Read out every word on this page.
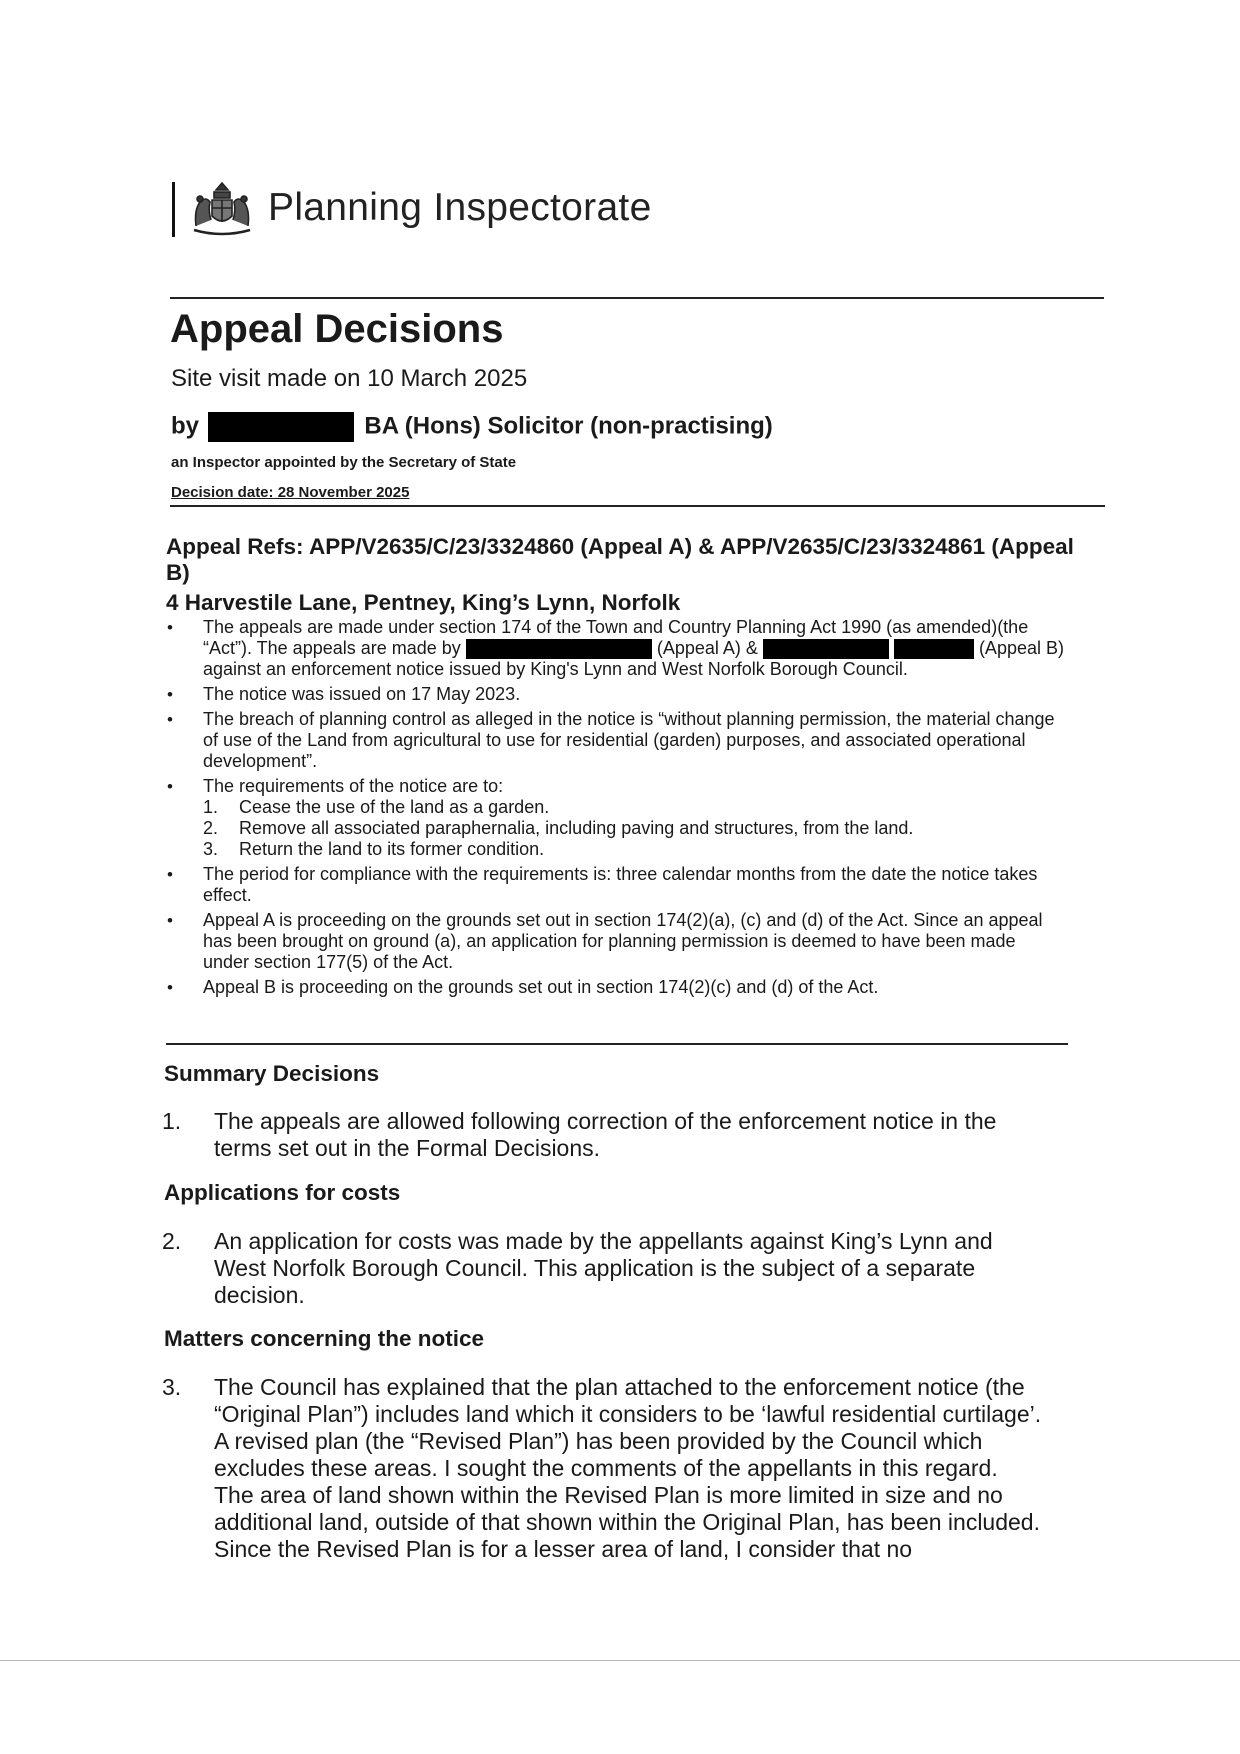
Planning Inspectorate
Appeal Decisions
Site visit made on 10 March 2025
by	BA (Hons) Solicitor (non-practising)
an Inspector appointed by the Secretary of State
Decision date: 28 November 2025
Appeal Refs: APP/V2635/C/23/3324860 (Appeal A) & APP/V2635/C/23/3324861 (Appeal B)
4 Harvestile Lane, Pentney, King’s Lynn, Norfolk
• The appeals are made under section 174 of the Town and Country Planning Act 1990 (as amended)(the “Act”). The appeals are made by	(Appeal A) &	(Appeal B) against an enforcement notice issued by King's Lynn and West Norfolk Borough Council.
• The notice was issued on 17 May 2023.
• The breach of planning control as alleged in the notice is “without planning permission, the material change of use of the Land from agricultural to use for residential (garden) purposes, and associated operational development”.
• The requirements of the notice are to:
1. Cease the use of the land as a garden.
2. Remove all associated paraphernalia, including paving and structures, from the land.
3. Return the land to its former condition.
• The period for compliance with the requirements is: three calendar months from the date the notice takes effect.
• Appeal A is proceeding on the grounds set out in section 174(2)(a), (c) and (d) of the Act. Since an appeal has been brought on ground (a), an application for planning permission is deemed to have been made under section 177(5) of the Act.
• Appeal B is proceeding on the grounds set out in section 174(2)(c) and (d) of the Act.
Summary Decisions
1. The appeals are allowed following correction of the enforcement notice in the terms set out in the Formal Decisions.
Applications for costs
2. An application for costs was made by the appellants against King’s Lynn and West Norfolk Borough Council. This application is the subject of a separate decision.
Matters concerning the notice
3. The Council has explained that the plan attached to the enforcement notice (the “Original Plan”) includes land which it considers to be ‘lawful residential curtilage’. A revised plan (the “Revised Plan”) has been provided by the Council which excludes these areas. I sought the comments of the appellants in this regard. The area of land shown within the Revised Plan is more limited in size and no additional land, outside of that shown within the Original Plan, has been included. Since the Revised Plan is for a lesser area of land, I consider that no
